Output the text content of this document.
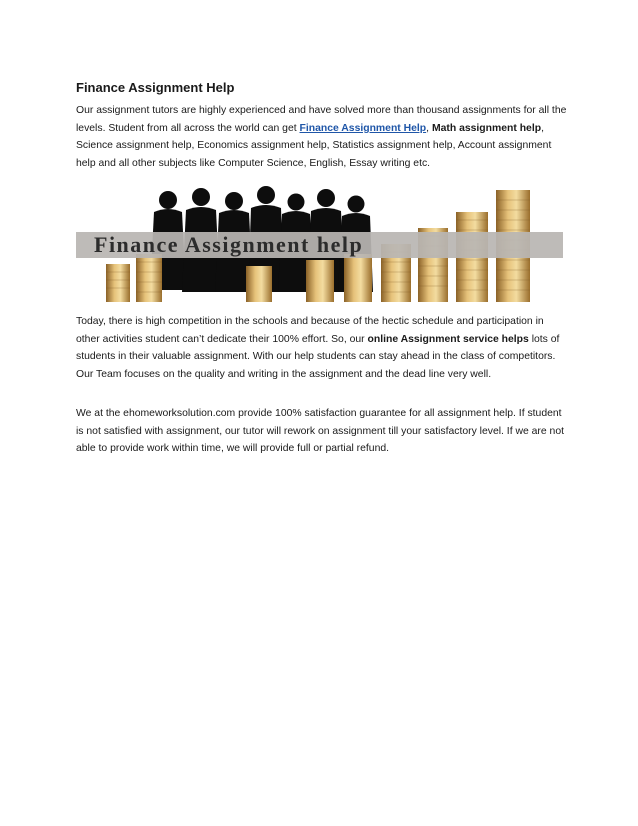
Finance Assignment Help

Our assignment tutors are highly experienced and have solved more than thousand assignments for all the levels. Student from all across the world can get Finance Assignment Help, Math assignment help, Science assignment help, Economics assignment help, Statistics assignment help, Account assignment help and all other subjects like Computer Science, English, Essay writing etc.

Finance Assignment help

Today, there is high competition in the schools and because of the hectic schedule and participation in other activities student can’t dedicate their 100% effort. So, our online Assignment service helps lots of students in their valuable assignment. With our help students can stay ahead in the class of competitors. Our Team focuses on the quality and writing in the assignment and the dead line very well.

We at the ehomeworksolution.com provide 100% satisfaction guarantee for all assignment help. If student is not satisfied with assignment, our tutor will rework on assignment till your satisfactory level. If we are not able to provide work within time, we will provide full or partial refund.
